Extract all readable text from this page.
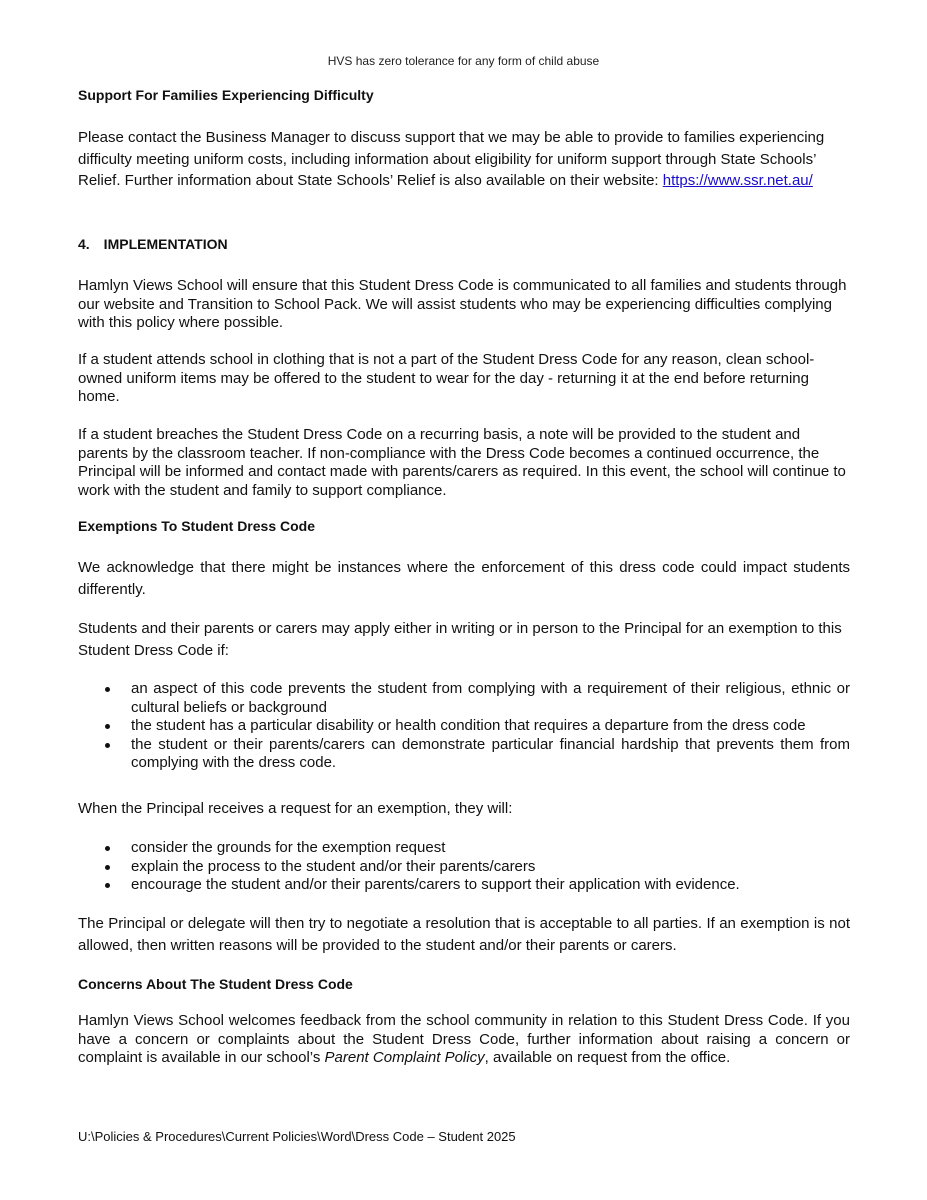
HVS has zero tolerance for any form of child abuse
Support For Families Experiencing Difficulty

Please contact the Business Manager to discuss support that we may be able to provide to families experiencing difficulty meeting uniform costs, including information about eligibility for uniform support through State Schools’ Relief. Further information about State Schools’ Relief is also available on their website: https://www.ssr.net.au/

4. IMPLEMENTATION

Hamlyn Views School will ensure that this Student Dress Code is communicated to all families and students through our website and Transition to School Pack. We will assist students who may be experiencing difficulties complying with this policy where possible.

If a student attends school in clothing that is not a part of the Student Dress Code for any reason, clean school-owned uniform items may be offered to the student to wear for the day - returning it at the end before returning home.

If a student breaches the Student Dress Code on a recurring basis, a note will be provided to the student and parents by the classroom teacher. If non-compliance with the Dress Code becomes a continued occurrence, the Principal will be informed and contact made with parents/carers as required. In this event, the school will continue to work with the student and family to support compliance.

Exemptions To Student Dress Code

We acknowledge that there might be instances where the enforcement of this dress code could impact students differently.

Students and their parents or carers may apply either in writing or in person to the Principal for an exemption to this Student Dress Code if:

an aspect of this code prevents the student from complying with a requirement of their religious, ethnic or cultural beliefs or background
the student has a particular disability or health condition that requires a departure from the dress code
the student or their parents/carers can demonstrate particular financial hardship that prevents them from complying with the dress code.

When the Principal receives a request for an exemption, they will:

consider the grounds for the exemption request
explain the process to the student and/or their parents/carers
encourage the student and/or their parents/carers to support their application with evidence.

The Principal or delegate will then try to negotiate a resolution that is acceptable to all parties. If an exemption is not allowed, then written reasons will be provided to the student and/or their parents or carers.

Concerns About The Student Dress Code

Hamlyn Views School welcomes feedback from the school community in relation to this Student Dress Code. If you have a concern or complaints about the Student Dress Code, further information about raising a concern or complaint is available in our school’s Parent Complaint Policy, available on request from the office.

U:\Policies & Procedures\Current Policies\Word\Dress Code – Student 2025
